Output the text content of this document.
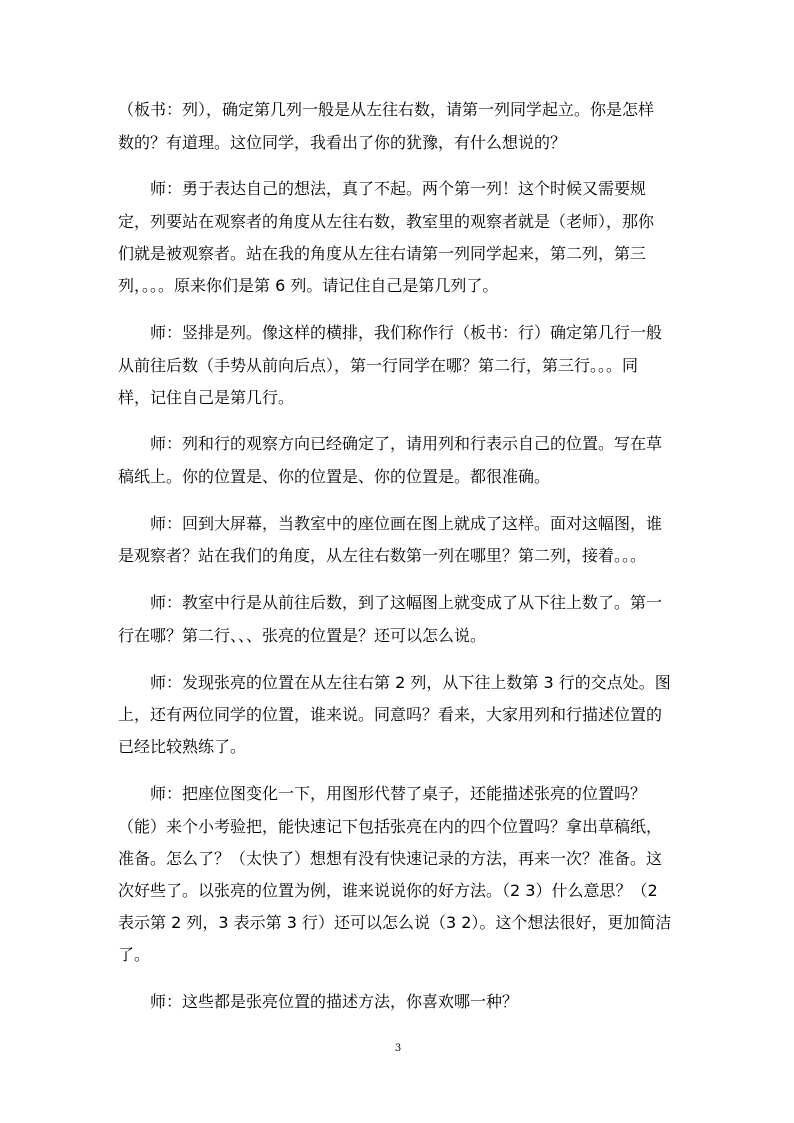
（板书：列），确定第几列一般是从左往右数，请第一列同学起立。你是怎样
数的？有道理。这位同学，我看出了你的犹豫，有什么想说的？
师：勇于表达自己的想法，真了不起。两个第一列！这个时候又需要规
定，列要站在观察者的角度从左往右数，教室里的观察者就是（老师），那你
们就是被观察者。站在我的角度从左往右请第一列同学起来，第二列，第三
列，。。。原来你们是第 6 列。请记住自己是第几列了。
师：竖排是列。像这样的横排，我们称作行（板书：行）确定第几行一般
从前往后数（手势从前向后点），第一行同学在哪？第二行，第三行。。。同
样，记住自己是第几行。
师：列和行的观察方向已经确定了，请用列和行表示自己的位置。写在草
稿纸上。你的位置是、你的位置是、你的位置是。都很准确。
师：回到大屏幕，当教室中的座位画在图上就成了这样。面对这幅图，谁
是观察者？站在我们的角度，从左往右数第一列在哪里？第二列，接着。。。
师：教室中行是从前往后数，到了这幅图上就变成了从下往上数了。第一
行在哪？第二行、、、张亮的位置是？还可以怎么说。
师：发现张亮的位置在从左往右第 2 列，从下往上数第 3 行的交点处。图
上，还有两位同学的位置，谁来说。同意吗？看来，大家用列和行描述位置的
已经比较熟练了。
师：把座位图变化一下，用图形代替了桌子，还能描述张亮的位置吗？
（能）来个小考验把，能快速记下包括张亮在内的四个位置吗？拿出草稿纸，
准备。怎么了？（太快了）想想有没有快速记录的方法，再来一次？准备。这
次好些了。以张亮的位置为例，谁来说说你的好方法。（2 3）什么意思？（2
表示第 2 列，3 表示第 3 行）还可以怎么说（3 2）。这个想法很好，更加简洁
了。
师：这些都是张亮位置的描述方法，你喜欢哪一种？
3
